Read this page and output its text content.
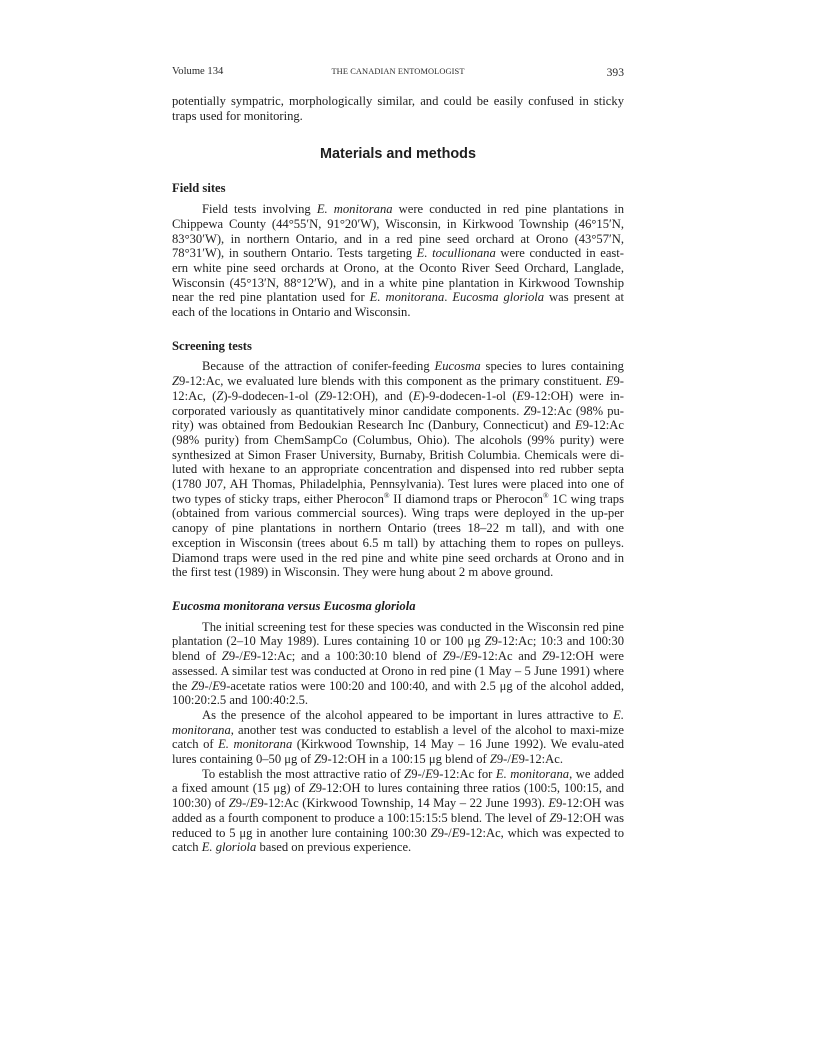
Volume 134	THE CANADIAN ENTOMOLOGIST	393

potentially sympatric, morphologically similar, and could be easily confused in sticky traps used for monitoring.

Materials and methods
Field sites

Field tests involving E. monitorana were conducted in red pine plantations in Chippewa County (44°55′N, 91°20′W), Wisconsin, in Kirkwood Township (46°15′N, 83°30′W), in northern Ontario, and in a red pine seed orchard at Orono (43°57′N, 78°31′W), in southern Ontario. Tests targeting E. tocullionana were conducted in east-ern white pine seed orchards at Orono, at the Oconto River Seed Orchard, Langlade, Wisconsin (45°13′N, 88°12′W), and in a white pine plantation in Kirkwood Township near the red pine plantation used for E. monitorana. Eucosma gloriola was present at each of the locations in Ontario and Wisconsin.

Screening tests

Because of the attraction of conifer-feeding Eucosma species to lures containing Z9-12:Ac, we evaluated lure blends with this component as the primary constituent. E9-12:Ac, (Z)-9-dodecen-1-ol (Z9-12:OH), and (E)-9-dodecen-1-ol (E9-12:OH) were in-corporated variously as quantitatively minor candidate components. Z9-12:Ac (98% pu-rity) was obtained from Bedoukian Research Inc (Danbury, Connecticut) and E9-12:Ac (98% purity) from ChemSampCo (Columbus, Ohio). The alcohols (99% purity) were synthesized at Simon Fraser University, Burnaby, British Columbia. Chemicals were di-luted with hexane to an appropriate concentration and dispensed into red rubber septa (1780 J07, AH Thomas, Philadelphia, Pennsylvania). Test lures were placed into one of two types of sticky traps, either Pherocon® II diamond traps or Pherocon® 1C wing traps (obtained from various commercial sources). Wing traps were deployed in the up-per canopy of pine plantations in northern Ontario (trees 18–22 m tall), and with one exception in Wisconsin (trees about 6.5 m tall) by attaching them to ropes on pulleys. Diamond traps were used in the red pine and white pine seed orchards at Orono and in the first test (1989) in Wisconsin. They were hung about 2 m above ground.

Eucosma monitorana versus Eucosma gloriola

The initial screening test for these species was conducted in the Wisconsin red pine plantation (2–10 May 1989). Lures containing 10 or 100 μg Z9-12:Ac; 10:3 and 100:30 blend of Z9-/E9-12:Ac; and a 100:30:10 blend of Z9-/E9-12:Ac and Z9-12:OH were assessed. A similar test was conducted at Orono in red pine (1 May – 5 June 1991) where the Z9-/E9-acetate ratios were 100:20 and 100:40, and with 2.5 μg of the alcohol added, 100:20:2.5 and 100:40:2.5.

As the presence of the alcohol appeared to be important in lures attractive to E. monitorana, another test was conducted to establish a level of the alcohol to maxi-mize catch of E. monitorana (Kirkwood Township, 14 May – 16 June 1992). We evalu-ated lures containing 0–50 μg of Z9-12:OH in a 100:15 μg blend of Z9-/E9-12:Ac.

To establish the most attractive ratio of Z9-/E9-12:Ac for E. monitorana, we added a fixed amount (15 μg) of Z9-12:OH to lures containing three ratios (100:5, 100:15, and 100:30) of Z9-/E9-12:Ac (Kirkwood Township, 14 May – 22 June 1993). E9-12:OH was added as a fourth component to produce a 100:15:15:5 blend. The level of Z9-12:OH was reduced to 5 μg in another lure containing 100:30 Z9-/E9-12:Ac, which was expected to catch E. gloriola based on previous experience.
